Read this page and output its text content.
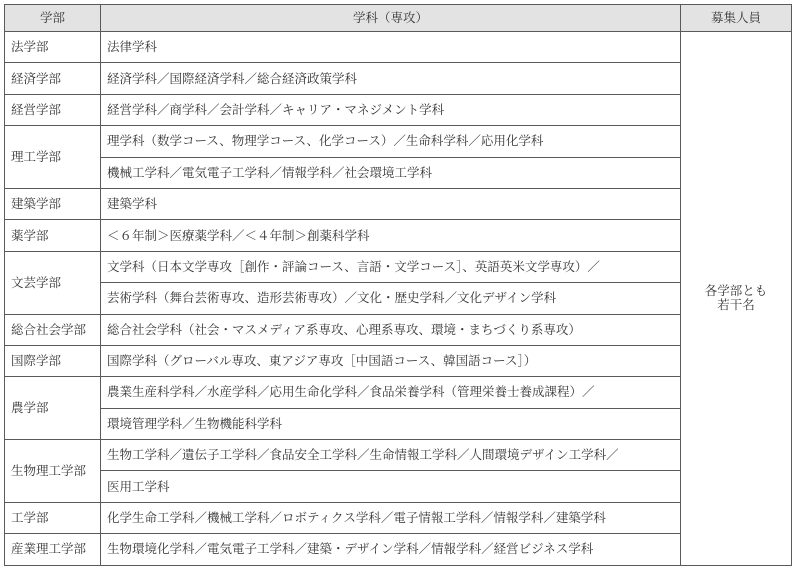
学部	学科（専攻）	募集人員
法学部	法律学科	各学部とも
若干名
経済学部	経済学科／国際経済学科／総合経済政策学科	
経営学部	経営学科／商学科／会計学科／キャリア・マネジメント学科	
理工学部	理学科（数学コース、物理学コース、化学コース）／生命科学科／応用化学科	
	機械工学科／電気電子工学科／情報学科／社会環境工学科	
建築学部	建築学科	
薬学部	＜６年制＞医療薬学科／＜４年制＞創薬科学科	
文芸学部	文学科（日本文学専攻［創作・評論コース、言語・文学コース］、英語英米文学専攻）／	
	芸術学科（舞台芸術専攻、造形芸術専攻）／文化・歴史学科／文化デザイン学科	
総合社会学部	総合社会学科（社会・マスメディア系専攻、心理系専攻、環境・まちづくり系専攻）	
国際学部	国際学科（グローバル専攻、東アジア専攻［中国語コース、韓国語コース］）	
農学部	農業生産科学科／水産学科／応用生命化学科／食品栄養学科（管理栄養士養成課程）／	
	環境管理学科／生物機能科学科	
生物理工学部	生物工学科／遺伝子工学科／食品安全工学科／生命情報工学科／人間環境デザイン工学科／	
	医用工学科	
工学部	化学生命工学科／機械工学科／ロボティクス学科／電子情報工学科／情報学科／建築学科	
産業理工学部	生物環境化学科／電気電子工学科／建築・デザイン学科／情報学科／経営ビジネス学科	
